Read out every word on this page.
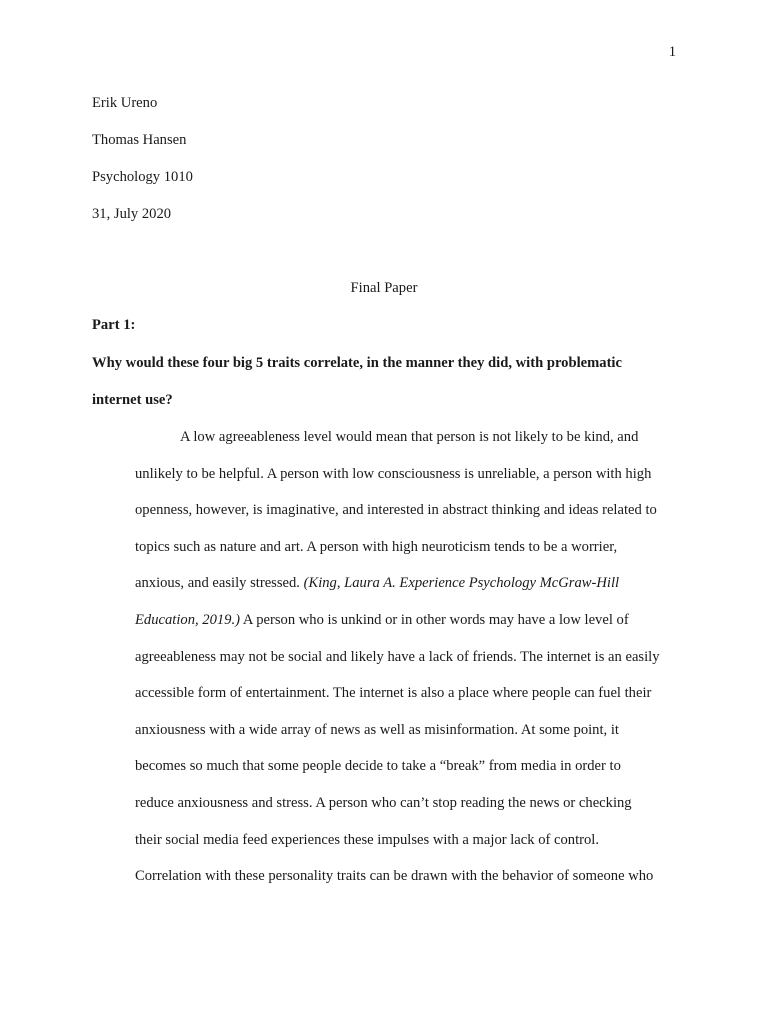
1
Erik Ureno
Thomas Hansen
Psychology 1010
31, July 2020
Final Paper
Part 1:
Why would these four big 5 traits correlate, in the manner they did, with problematic
internet use?
A low agreeableness level would mean that person is not likely to be kind, and
unlikely to be helpful. A person with low consciousness is unreliable, a person with high
openness, however, is imaginative, and interested in abstract thinking and ideas related to
topics such as nature and art. A person with high neuroticism tends to be a worrier,
anxious, and easily stressed. (King, Laura A. Experience Psychology McGraw-Hill
Education, 2019.) A person who is unkind or in other words may have a low level of
agreeableness may not be social and likely have a lack of friends. The internet is an easily
accessible form of entertainment. The internet is also a place where people can fuel their
anxiousness with a wide array of news as well as misinformation. At some point, it
becomes so much that some people decide to take a “break” from media in order to
reduce anxiousness and stress. A person who can’t stop reading the news or checking
their social media feed experiences these impulses with a major lack of control.
Correlation with these personality traits can be drawn with the behavior of someone who
